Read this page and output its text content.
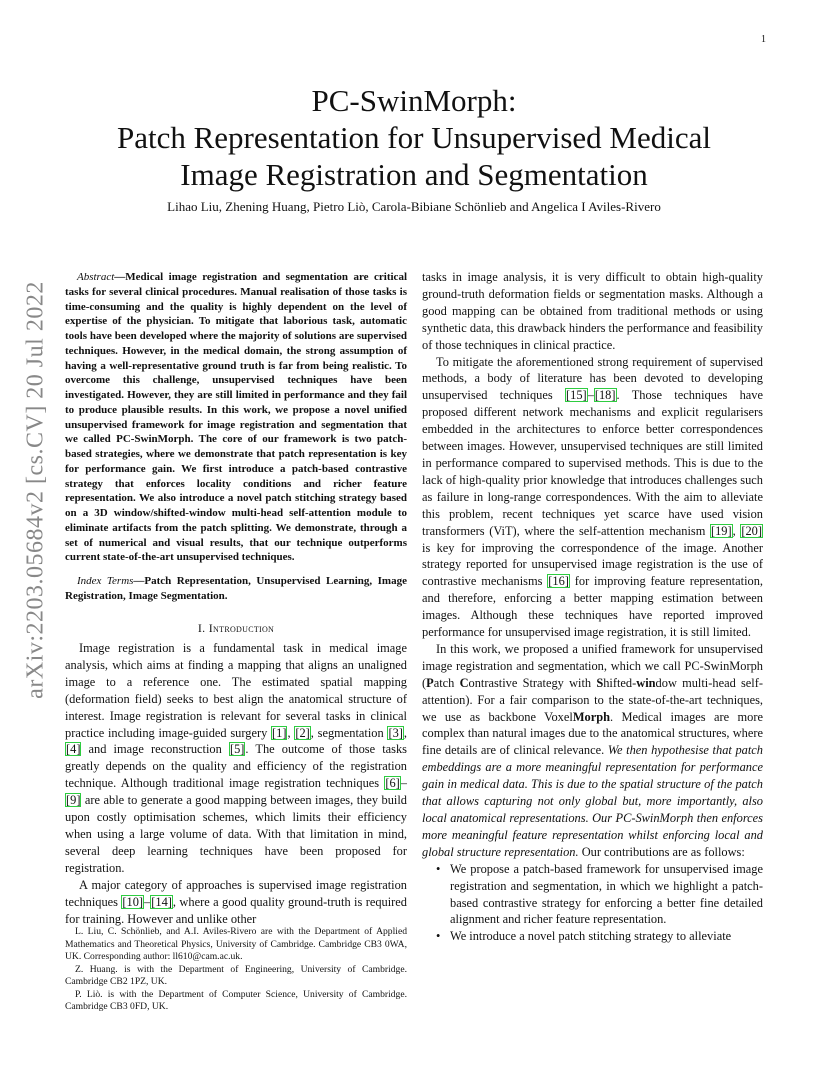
1
arXiv:2203.05684v2 [cs.CV] 20 Jul 2022
PC-SwinMorph:
Patch Representation for Unsupervised Medical
Image Registration and Segmentation
Lihao Liu, Zhening Huang, Pietro Liò, Carola-Bibiane Schönlieb and Angelica I Aviles-Rivero
Abstract—Medical image registration and segmentation are critical tasks for several clinical procedures. Manual realisation of those tasks is time-consuming and the quality is highly dependent on the level of expertise of the physician. To mitigate that laborious task, automatic tools have been developed where the majority of solutions are supervised techniques. However, in the medical domain, the strong assumption of having a well-representative ground truth is far from being realistic. To overcome this challenge, unsupervised techniques have been investigated. However, they are still limited in performance and they fail to produce plausible results. In this work, we propose a novel unified unsupervised framework for image registration and segmentation that we called PC-SwinMorph. The core of our framework is two patch-based strategies, where we demonstrate that patch representation is key for performance gain. We first introduce a patch-based contrastive strategy that enforces locality conditions and richer feature representation. We also introduce a novel patch stitching strategy based on a 3D window/shifted-window multi-head self-attention module to eliminate artifacts from the patch splitting. We demonstrate, through a set of numerical and visual results, that our technique outperforms current state-of-the-art unsupervised techniques.
Index Terms—Patch Representation, Unsupervised Learning, Image Registration, Image Segmentation.
I. Introduction

Image registration is a fundamental task in medical image analysis, which aims at finding a mapping that aligns an unaligned image to a reference one. The estimated spatial mapping (deformation field) seeks to best align the anatomical structure of interest. Image registration is relevant for several tasks in clinical practice including image-guided surgery [1], [2], segmentation [3], [4] and image reconstruction [5]. The outcome of those tasks greatly depends on the quality and efficiency of the registration technique. Although traditional image registration techniques [6]–[9] are able to generate a good mapping between images, they build upon costly optimisation schemes, which limits their efficiency when using a large volume of data. With that limitation in mind, several deep learning techniques have been proposed for registration.

A major category of approaches is supervised image registration techniques [10]–[14], where a good quality ground-truth is required for training. However and unlike other

L. Liu, C. Schönlieb, and A.I. Aviles-Rivero are with the Department of Applied Mathematics and Theoretical Physics, University of Cambridge. Cambridge CB3 0WA, UK. Corresponding author: ll610@cam.ac.uk.

Z. Huang. is with the Department of Engineering, University of Cambridge. Cambridge CB2 1PZ, UK.

P. Liò. is with the Department of Computer Science, University of Cambridge. Cambridge CB3 0FD, UK.

tasks in image analysis, it is very difficult to obtain high-quality ground-truth deformation fields or segmentation masks. Although a good mapping can be obtained from traditional methods or using synthetic data, this drawback hinders the performance and feasibility of those techniques in clinical practice.

To mitigate the aforementioned strong requirement of supervised methods, a body of literature has been devoted to developing unsupervised techniques [15]–[18]. Those techniques have proposed different network mechanisms and explicit regularisers embedded in the architectures to enforce better correspondences between images. However, unsupervised techniques are still limited in performance compared to supervised methods. This is due to the lack of high-quality prior knowledge that introduces challenges such as failure in long-range correspondences. With the aim to alleviate this problem, recent techniques yet scarce have used vision transformers (ViT), where the self-attention mechanism [19], [20] is key for improving the correspondence of the image. Another strategy reported for unsupervised image registration is the use of contrastive mechanisms [16] for improving feature representation, and therefore, enforcing a better mapping estimation between images. Although these techniques have reported improved performance for unsupervised image registration, it is still limited.

In this work, we proposed a unified framework for unsupervised image registration and segmentation, which we call PC-SwinMorph (Patch Contrastive Strategy with Shifted-window multi-head self-attention). For a fair comparison to the state-of-the-art techniques, we use as backbone VoxelMorph. Medical images are more complex than natural images due to the anatomical structures, where fine details are of clinical relevance. We then hypothesise that patch embeddings are a more meaningful representation for performance gain in medical data. This is due to the spatial structure of the patch that allows capturing not only global but, more importantly, also local anatomical representations. Our PC-SwinMorph then enforces more meaningful feature representation whilst enforcing local and global structure representation. Our contributions are as follows:

• We propose a patch-based framework for unsupervised image registration and segmentation, in which we highlight a patch-based contrastive strategy for enforcing a better fine detailed alignment and richer feature representation.
• We introduce a novel patch stitching strategy to alleviate
